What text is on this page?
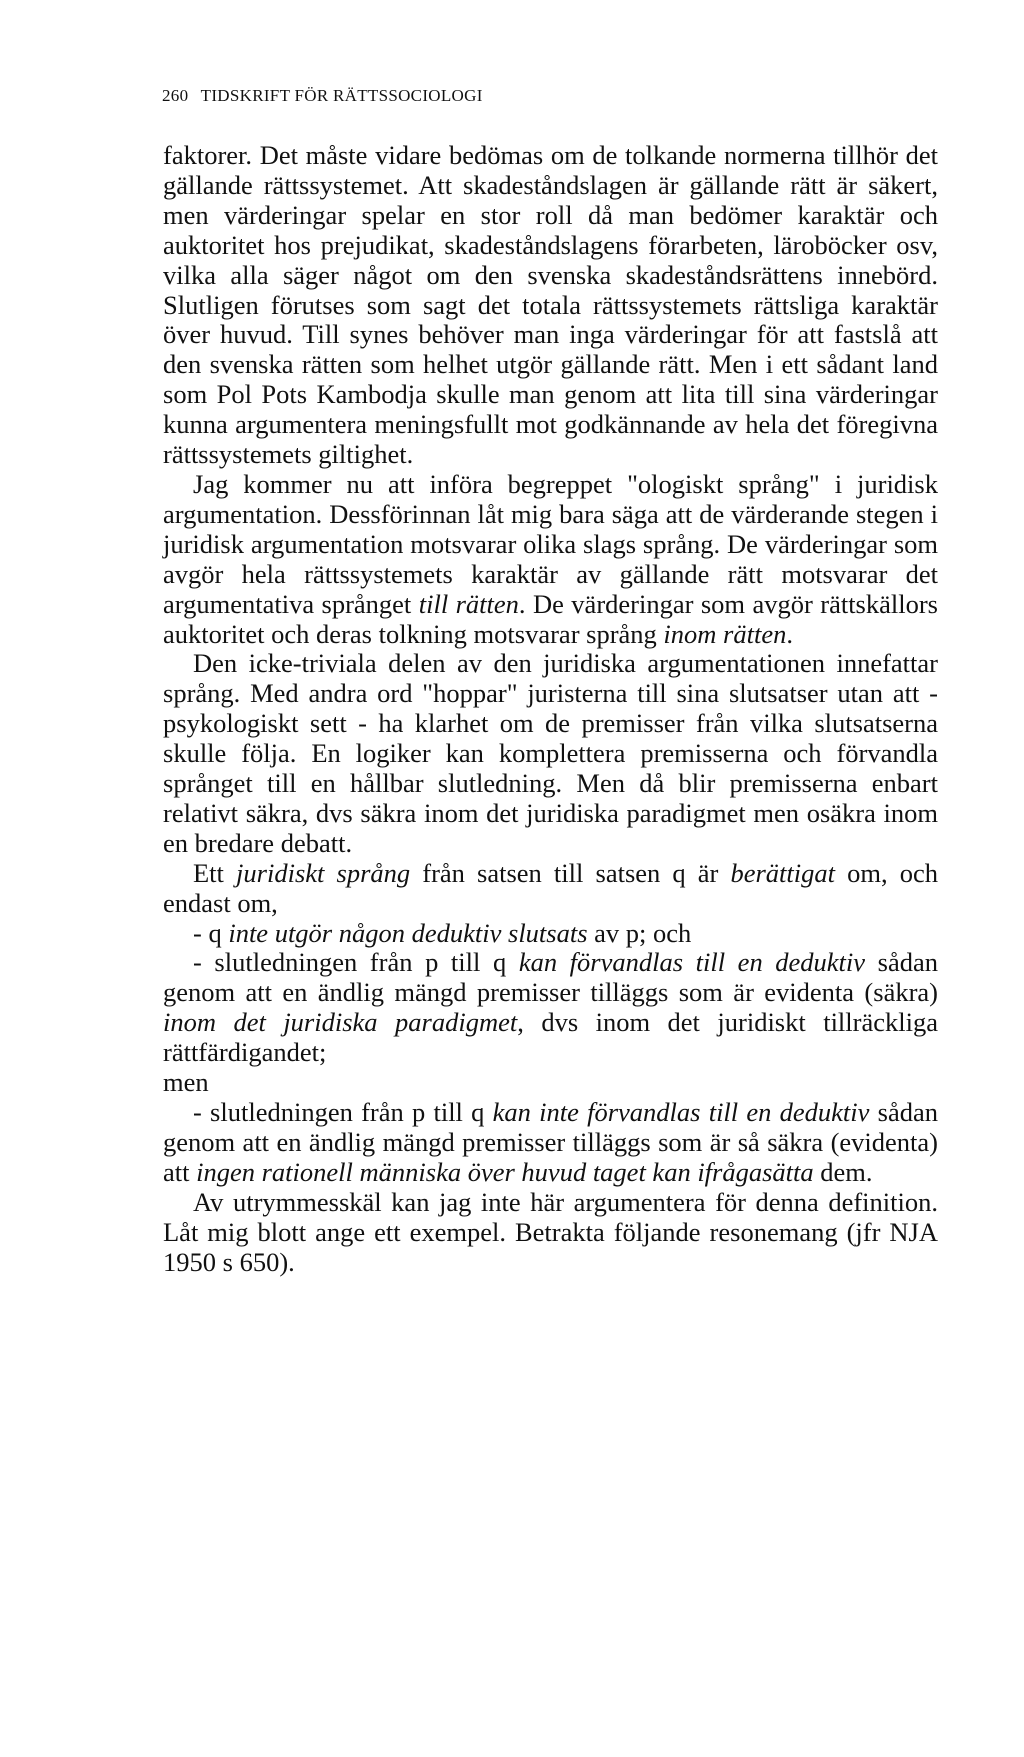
260 TIDSKRIFT FÖR RÄTTSSOCIOLOGI

faktorer. Det måste vidare bedömas om de tolkande normerna tillhör det gällande rättssystemet. Att skadeståndslagen är gällande rätt är säkert, men värderingar spelar en stor roll då man bedömer karaktär och auktoritet hos prejudikat, skadeståndslagens förarbeten, läroböcker osv, vilka alla säger något om den svenska skadeståndsrättens innebörd. Slutligen förutses som sagt det totala rättssystemets rättsliga karaktär över huvud. Till synes behöver man inga värderingar för att fastslå att den svenska rätten som helhet utgör gällande rätt. Men i ett sådant land som Pol Pots Kambodja skulle man genom att lita till sina värderingar kunna argumentera meningsfullt mot godkännande av hela det föregivna rättssystemets giltighet.

Jag kommer nu att införa begreppet "ologiskt språng" i juridisk argumentation. Dessförinnan låt mig bara säga att de värderande stegen i juridisk argumentation motsvarar olika slags språng. De värderingar som avgör hela rättssystemets karaktär av gällande rätt motsvarar det argumentativa språnget till rätten. De värderingar som avgör rättskällors auktoritet och deras tolkning motsvarar språng inom rätten.

Den icke-triviala delen av den juridiska argumentationen innefattar språng. Med andra ord "hoppar" juristerna till sina slutsatser utan att - psykologiskt sett - ha klarhet om de premisser från vilka slutsatserna skulle följa. En logiker kan komplettera premisserna och förvandla språnget till en hållbar slutledning. Men då blir premisserna enbart relativt säkra, dvs säkra inom det juridiska paradigmet men osäkra inom en bredare debatt.

Ett juridiskt språng från satsen till satsen q är berättigat om, och endast om,

- q inte utgör någon deduktiv slutsats av p; och

- slutledningen från p till q kan förvandlas till en deduktiv sådan genom att en ändlig mängd premisser tilläggs som är evidenta (säkra) inom det juridiska paradigmet, dvs inom det juridiskt tillräckliga rättfärdigandet;

men

- slutledningen från p till q kan inte förvandlas till en deduktiv sådan genom att en ändlig mängd premisser tilläggs som är så säkra (evidenta) att ingen rationell människa över huvud taget kan ifrågasätta dem.

Av utrymmesskäl kan jag inte här argumentera för denna definition. Låt mig blott ange ett exempel. Betrakta följande resonemang (jfr NJA 1950 s 650).
